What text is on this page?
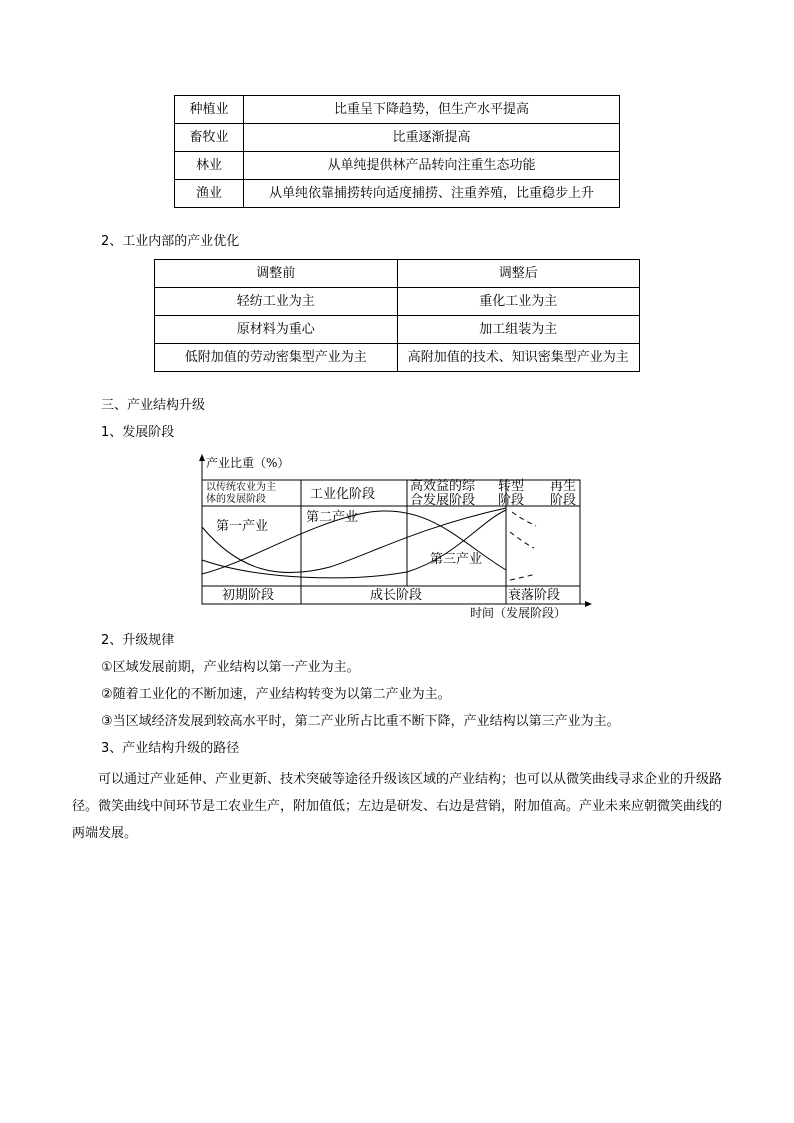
种植业	比重呈下降趋势，但生产水平提高
畜牧业	比重逐渐提高
林业	从单纯提供林产品转向注重生态功能
渔业	从单纯依靠捕捞转向适度捕捞、注重养殖，比重稳步上升
2、工业内部的产业优化
调整前	调整后
轻纺工业为主	重化工业为主
原材料为重心	加工组装为主
低附加值的劳动密集型产业为主	高附加值的技术、知识密集型产业为主
三、产业结构升级
1、发展阶段
产业比重（%）
时间（发展阶段）
以传统农业为主
体的发展阶段	工业化阶段
高效益的综
合发展阶段
转型
阶段
再生
阶段
初期阶段	成长阶段	衰落阶段
第一产业
第二产业
第三产业
2、升级规律
①区域发展前期，产业结构以第一产业为主。
②随着工业化的不断加速，产业结构转变为以第二产业为主。
③当区域经济发展到较高水平时，第二产业所占比重不断下降，产业结构以第三产业为主。
3、产业结构升级的路径
可以通过产业延伸、产业更新、技术突破等途径升级该区域的产业结构；也可以从微笑曲线寻求企业的升级路径。微笑曲线中间环节是工农业生产，附加值低；左边是研发、右边是营销，附加值高。产业未来应朝微笑曲线的两端发展。
